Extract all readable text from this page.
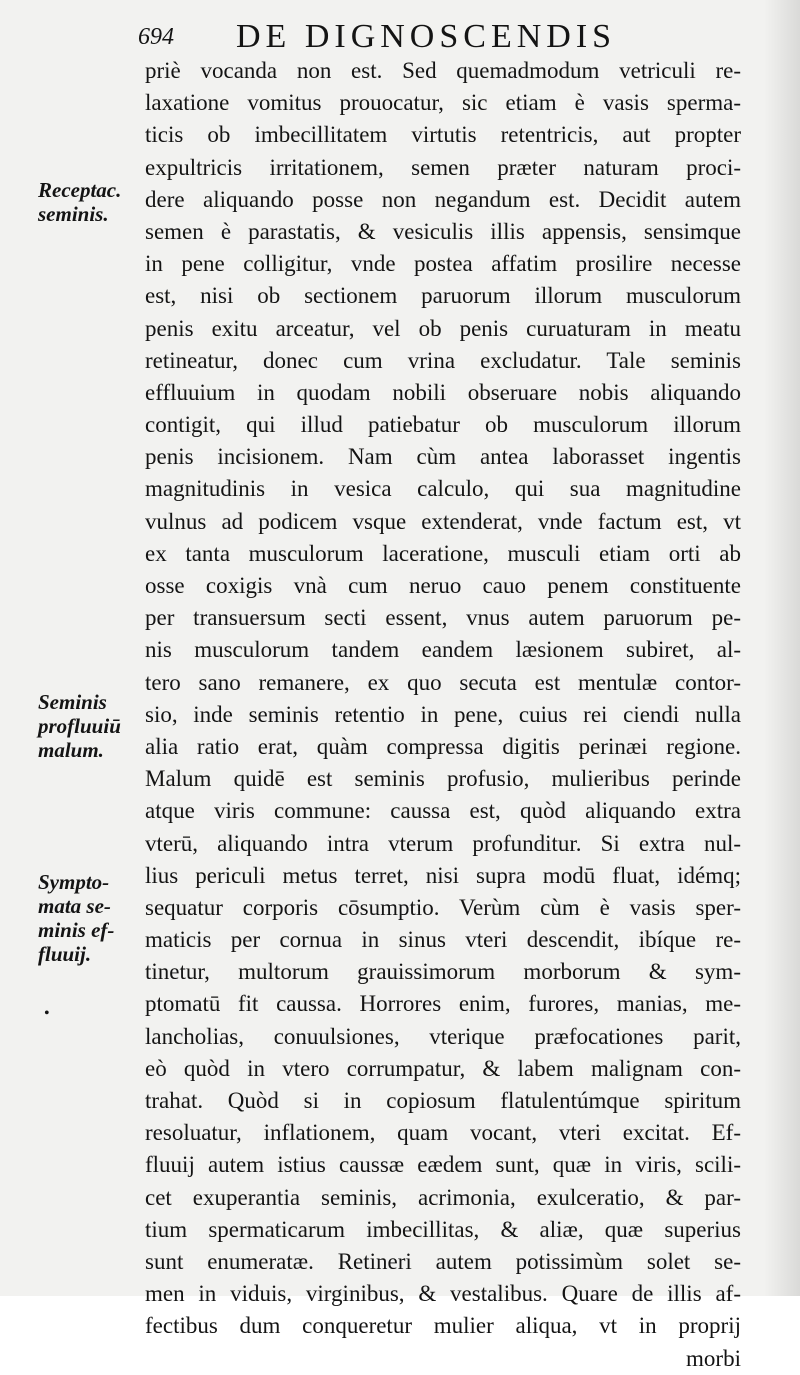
694 DE DIGNOSCENDIS
priè vocanda non est. Sed quemadmodum vetriculi re-
laxatione vomitus prouocatur, sic etiam è vasis sperma-
ticis ob imbecillitatem virtutis retentricis, aut propter
expultricis irritationem, semen præter naturam proci-
dere aliquando posse non negandum est. Decidit autem
semen è parastatis, & vesiculis illis appensis, sensimque
in pene colligitur, vnde postea affatim prosilire necesse
est, nisi ob sectionem paruorum illorum musculorum
penis exitu arceatur, vel ob penis curuaturam in meatu
retineatur, donec cum vrina excludatur. Tale seminis
effluuium in quodam nobili obseruare nobis aliquando
contigit, qui illud patiebatur ob musculorum illorum
penis incisionem. Nam cùm antea laborasset ingentis
magnitudinis in vesica calculo, qui sua magnitudine
vulnus ad podicem vsque extenderat, vnde factum est, vt
ex tanta musculorum laceratione, musculi etiam orti ab
osse coxigis vnà cum neruo cauo penem constituente
per transuersum secti essent, vnus autem paruorum pe-
nis musculorum tandem eandem læsionem subiret, al-
tero sano remanere, ex quo secuta est mentulæ contor-
sio, inde seminis retentio in pene, cuius rei ciendi nulla
alia ratio erat, quàm compressa digitis perinæi regione.
Malum quidē est seminis profusio, mulieribus perinde
atque viris commune: caussa est, quòd aliquando extra
vterū, aliquando intra vterum profunditur. Si extra nul-
lius periculi metus terret, nisi supra modū fluat, idémq;
sequatur corporis cōsumptio. Verùm cùm è vasis sper-
maticis per cornua in sinus vteri descendit, ibíque re-
tinetur, multorum grauissimorum morborum & sym-
ptomatū fit caussa. Horrores enim, furores, manias, me-
lancholias, conuulsiones, vterique præfocationes parit,
eò quòd in vtero corrumpatur, & labem malignam con-
trahat. Quòd si in copiosum flatulentúmque spiritum
resoluatur, inflationem, quam vocant, vteri excitat. Ef-
fluuij autem istius caussæ eædem sunt, quæ in viris, scili-
cet exuperantia seminis, acrimonia, exulceratio, & par-
tium spermaticarum imbecillitas, & aliæ, quæ superius
sunt enumeratæ. Retineri autem potissimùm solet se-
men in viduis, virginibus, & vestalibus. Quare de illis af-
fectibus dum conqueretur mulier aliqua, vt in proprij
morbi
Receptac.
seminis.
Seminis
profluuiū
malum.
Sympto-
mata se-
minis ef-
fluuij.
•
